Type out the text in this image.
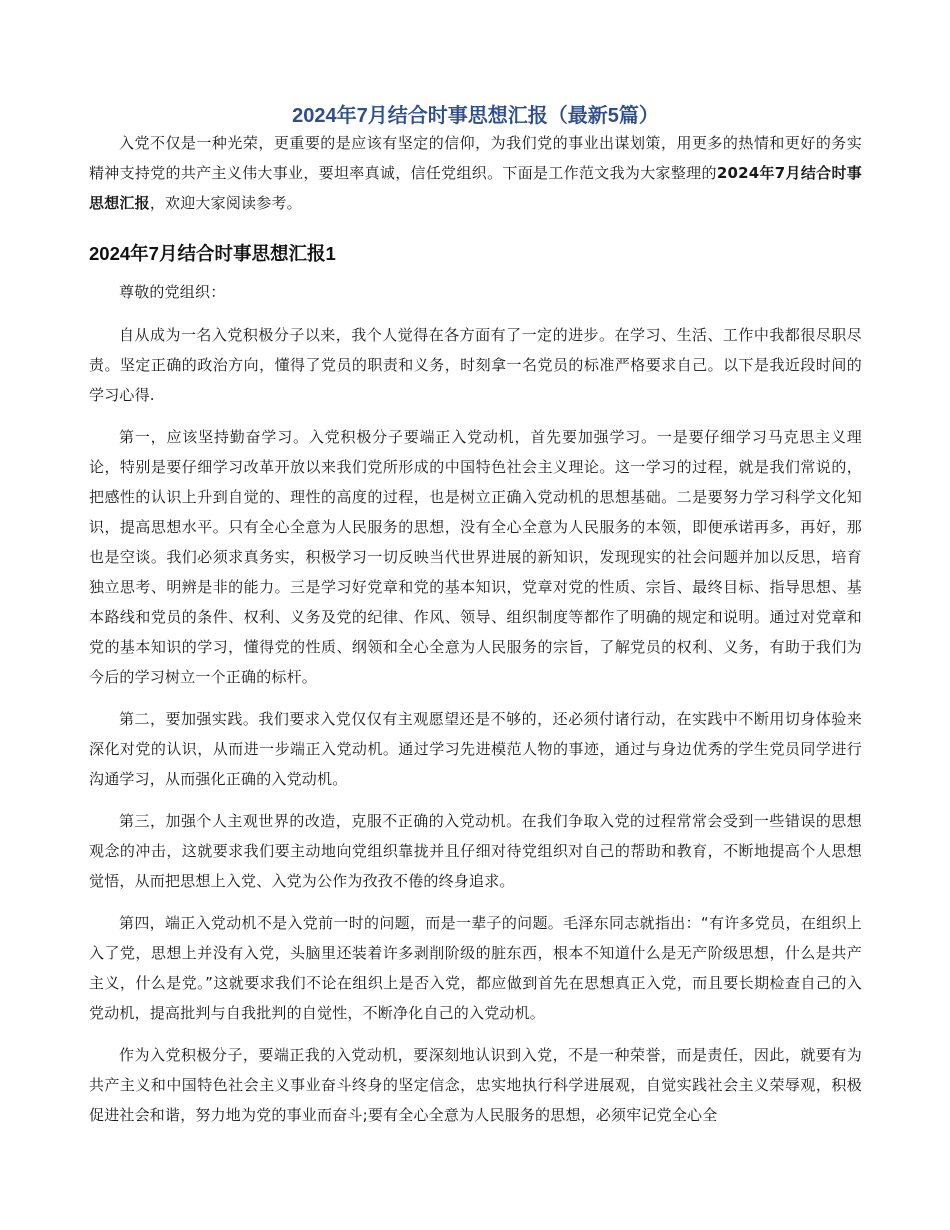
2024年7月结合时事思想汇报（最新5篇）

入党不仅是一种光荣，更重要的是应该有坚定的信仰，为我们党的事业出谋划策，用更多的热情和更好的务实精神支持党的共产主义伟大事业，要坦率真诚，信任党组织。下面是工作范文我为大家整理的2024年7月结合时事思想汇报，欢迎大家阅读参考。

2024年7月结合时事思想汇报1

尊敬的党组织：

自从成为一名入党积极分子以来，我个人觉得在各方面有了一定的进步。在学习、生活、工作中我都很尽职尽责。坚定正确的政治方向，懂得了党员的职责和义务，时刻拿一名党员的标准严格要求自己。以下是我近段时间的学习心得.

第一，应该坚持勤奋学习。入党积极分子要端正入党动机，首先要加强学习。一是要仔细学习马克思主义理论，特别是要仔细学习改革开放以来我们党所形成的中国特色社会主义理论。这一学习的过程，就是我们常说的，把感性的认识上升到自觉的、理性的高度的过程，也是树立正确入党动机的思想基础。二是要努力学习科学文化知识，提高思想水平。只有全心全意为人民服务的思想，没有全心全意为人民服务的本领，即便承诺再多，再好，那也是空谈。我们必须求真务实，积极学习一切反映当代世界进展的新知识，发现现实的社会问题并加以反思，培育独立思考、明辨是非的能力。三是学习好党章和党的基本知识，党章对党的性质、宗旨、最终目标、指导思想、基本路线和党员的条件、权利、义务及党的纪律、作风、领导、组织制度等都作了明确的规定和说明。通过对党章和党的基本知识的学习，懂得党的性质、纲领和全心全意为人民服务的宗旨，了解党员的权利、义务，有助于我们为今后的学习树立一个正确的标杆。

第二，要加强实践。我们要求入党仅仅有主观愿望还是不够的，还必须付诸行动，在实践中不断用切身体验来深化对党的认识，从而进一步端正入党动机。通过学习先进模范人物的事迹，通过与身边优秀的学生党员同学进行沟通学习，从而强化正确的入党动机。

第三，加强个人主观世界的改造，克服不正确的入党动机。在我们争取入党的过程常常会受到一些错误的思想观念的冲击，这就要求我们要主动地向党组织靠拢并且仔细对待党组织对自己的帮助和教育，不断地提高个人思想觉悟，从而把思想上入党、入党为公作为孜孜不倦的终身追求。

第四，端正入党动机不是入党前一时的问题，而是一辈子的问题。毛泽东同志就指出：“有许多党员，在组织上入了党，思想上并没有入党，头脑里还装着许多剥削阶级的脏东西，根本不知道什么是无产阶级思想，什么是共产主义，什么是党。”这就要求我们不论在组织上是否入党，都应做到首先在思想真正入党，而且要长期检查自己的入党动机，提高批判与自我批判的自觉性，不断净化自己的入党动机。

作为入党积极分子，要端正我的入党动机，要深刻地认识到入党，不是一种荣誉，而是责任，因此，就要有为共产主义和中国特色社会主义事业奋斗终身的坚定信念，忠实地执行科学进展观，自觉实践社会主义荣辱观，积极促进社会和谐，努力地为党的事业而奋斗;要有全心全意为人民服务的思想，必须牢记党全心全
